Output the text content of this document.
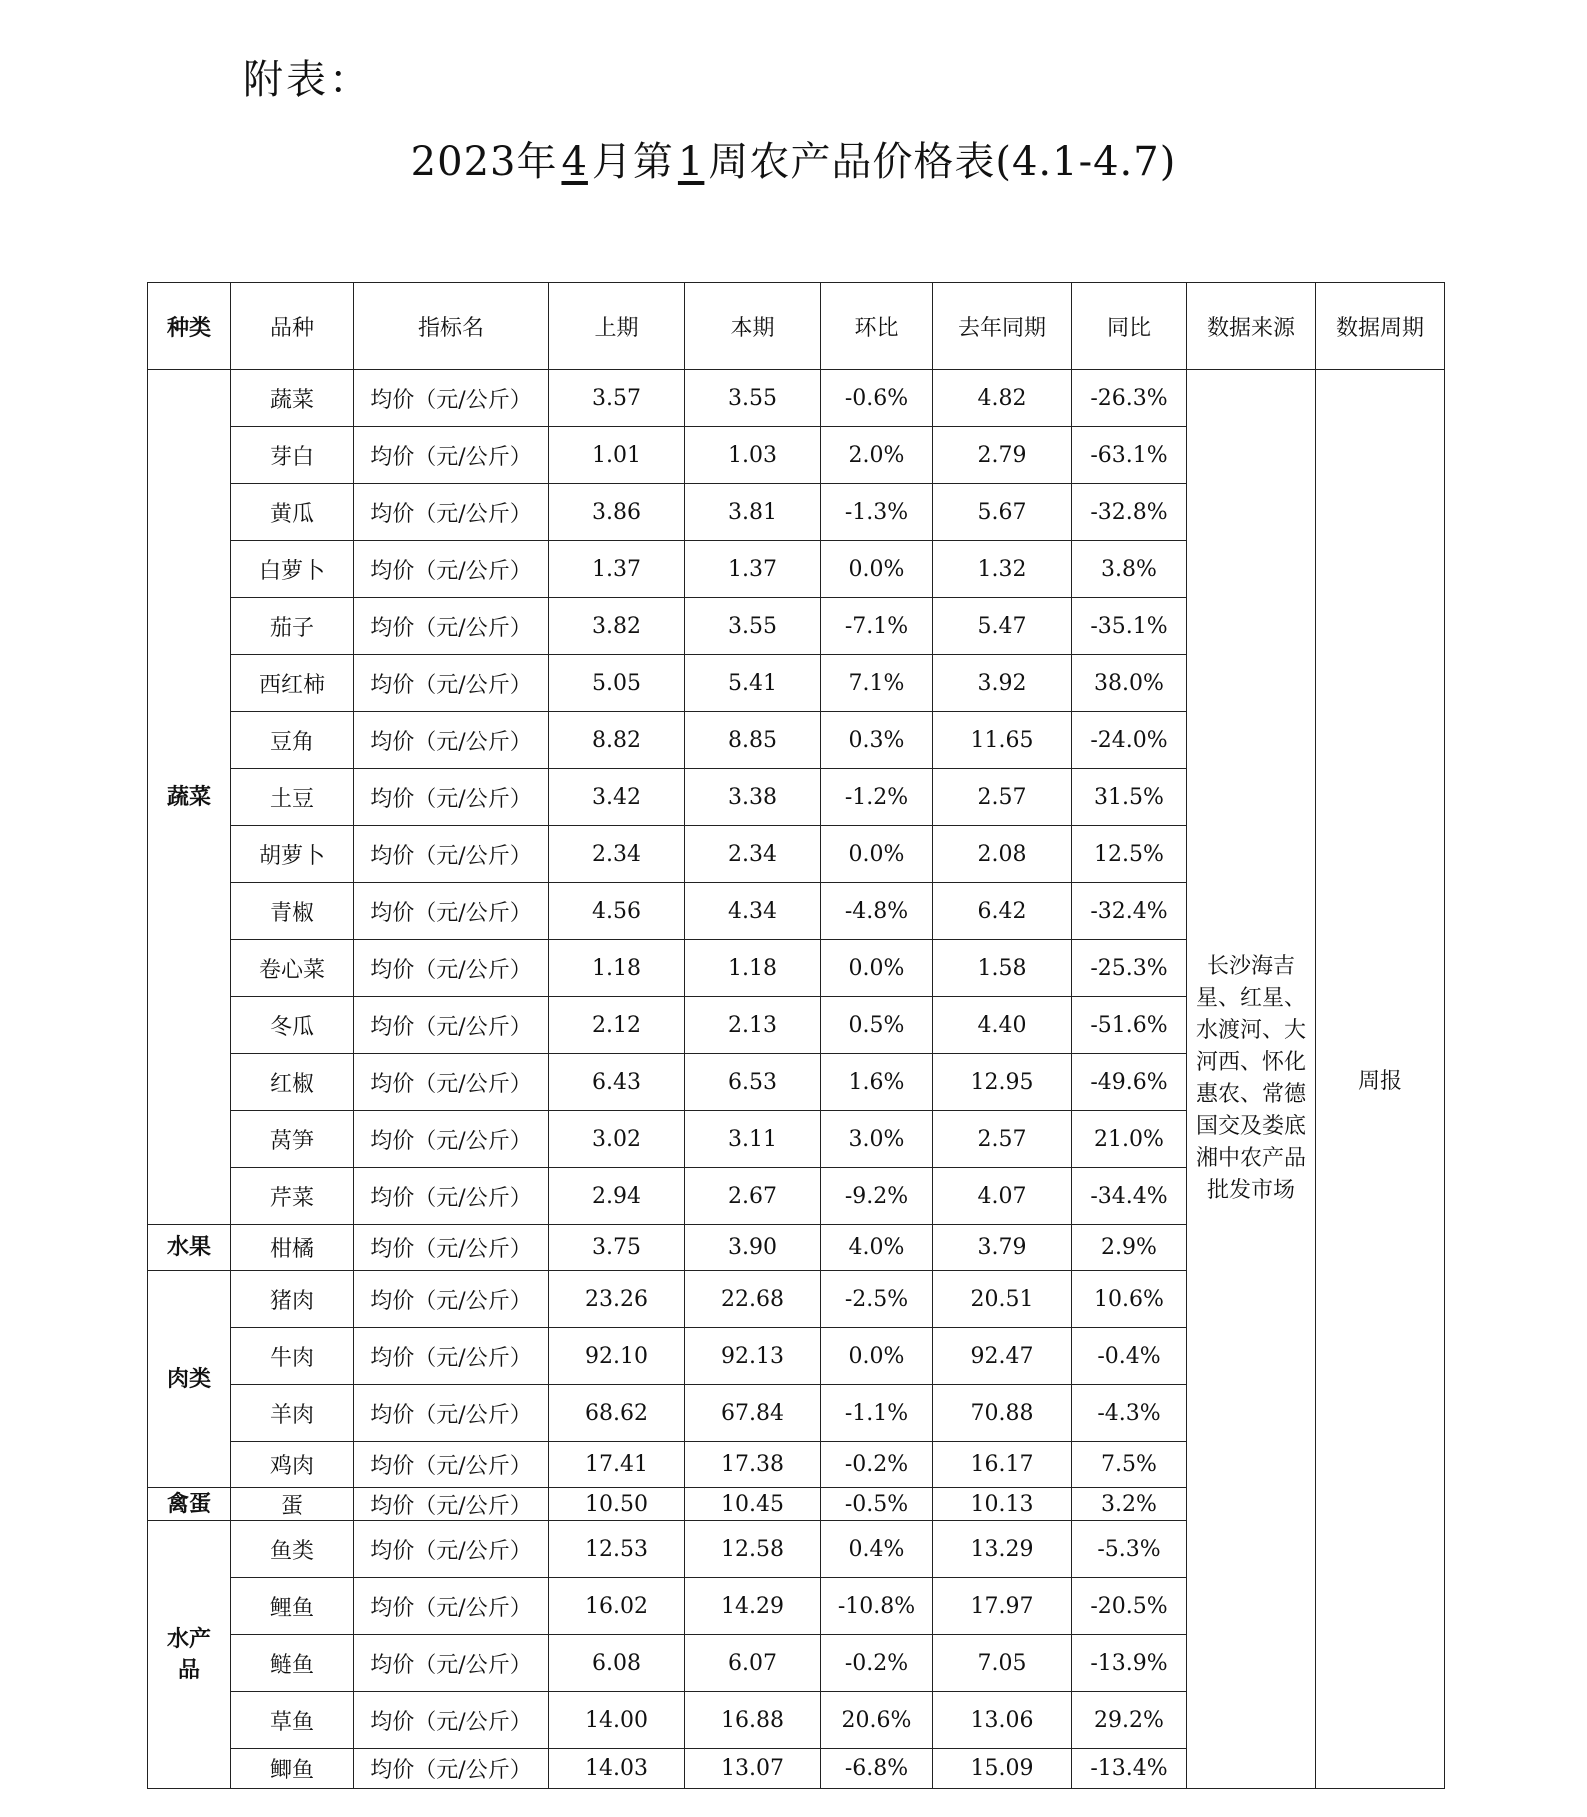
附表：
2023年 4 月第 1 周农产品价格表(4.1-4.7)
种类	品种	指标名	上期	本期	环比	去年同期	同比	数据来源	数据周期
蔬菜	蔬菜	均价（元/公斤）	3.57	3.55	-0.6%	4.82	-26.3%	长沙海吉星、红星、水渡河、大河西、怀化惠农、常德国交及娄底湘中农产品批发市场	周报
	芽白	均价（元/公斤）	1.01	1.03	2.0%	2.79	-63.1%		
	黄瓜	均价（元/公斤）	3.86	3.81	-1.3%	5.67	-32.8%		
	白萝卜	均价（元/公斤）	1.37	1.37	0.0%	1.32	3.8%		
	茄子	均价（元/公斤）	3.82	3.55	-7.1%	5.47	-35.1%		
	西红柿	均价（元/公斤）	5.05	5.41	7.1%	3.92	38.0%		
	豆角	均价（元/公斤）	8.82	8.85	0.3%	11.65	-24.0%		
	土豆	均价（元/公斤）	3.42	3.38	-1.2%	2.57	31.5%		
	胡萝卜	均价（元/公斤）	2.34	2.34	0.0%	2.08	12.5%		
	青椒	均价（元/公斤）	4.56	4.34	-4.8%	6.42	-32.4%		
	卷心菜	均价（元/公斤）	1.18	1.18	0.0%	1.58	-25.3%		
	冬瓜	均价（元/公斤）	2.12	2.13	0.5%	4.40	-51.6%		
	红椒	均价（元/公斤）	6.43	6.53	1.6%	12.95	-49.6%		
	莴笋	均价（元/公斤）	3.02	3.11	3.0%	2.57	21.0%		
	芹菜	均价（元/公斤）	2.94	2.67	-9.2%	4.07	-34.4%		
水果	柑橘	均价（元/公斤）	3.75	3.90	4.0%	3.79	2.9%		
肉类	猪肉	均价（元/公斤）	23.26	22.68	-2.5%	20.51	10.6%		
	牛肉	均价（元/公斤）	92.10	92.13	0.0%	92.47	-0.4%		
	羊肉	均价（元/公斤）	68.62	67.84	-1.1%	70.88	-4.3%		
	鸡肉	均价（元/公斤）	17.41	17.38	-0.2%	16.17	7.5%		
禽蛋	蛋	均价（元/公斤）	10.50	10.45	-0.5%	10.13	3.2%		
水产品	鱼类	均价（元/公斤）	12.53	12.58	0.4%	13.29	-5.3%		
	鲤鱼	均价（元/公斤）	16.02	14.29	-10.8%	17.97	-20.5%		
	鲢鱼	均价（元/公斤）	6.08	6.07	-0.2%	7.05	-13.9%		
	草鱼	均价（元/公斤）	14.00	16.88	20.6%	13.06	29.2%		
	鲫鱼	均价（元/公斤）	14.03	13.07	-6.8%	15.09	-13.4%		
